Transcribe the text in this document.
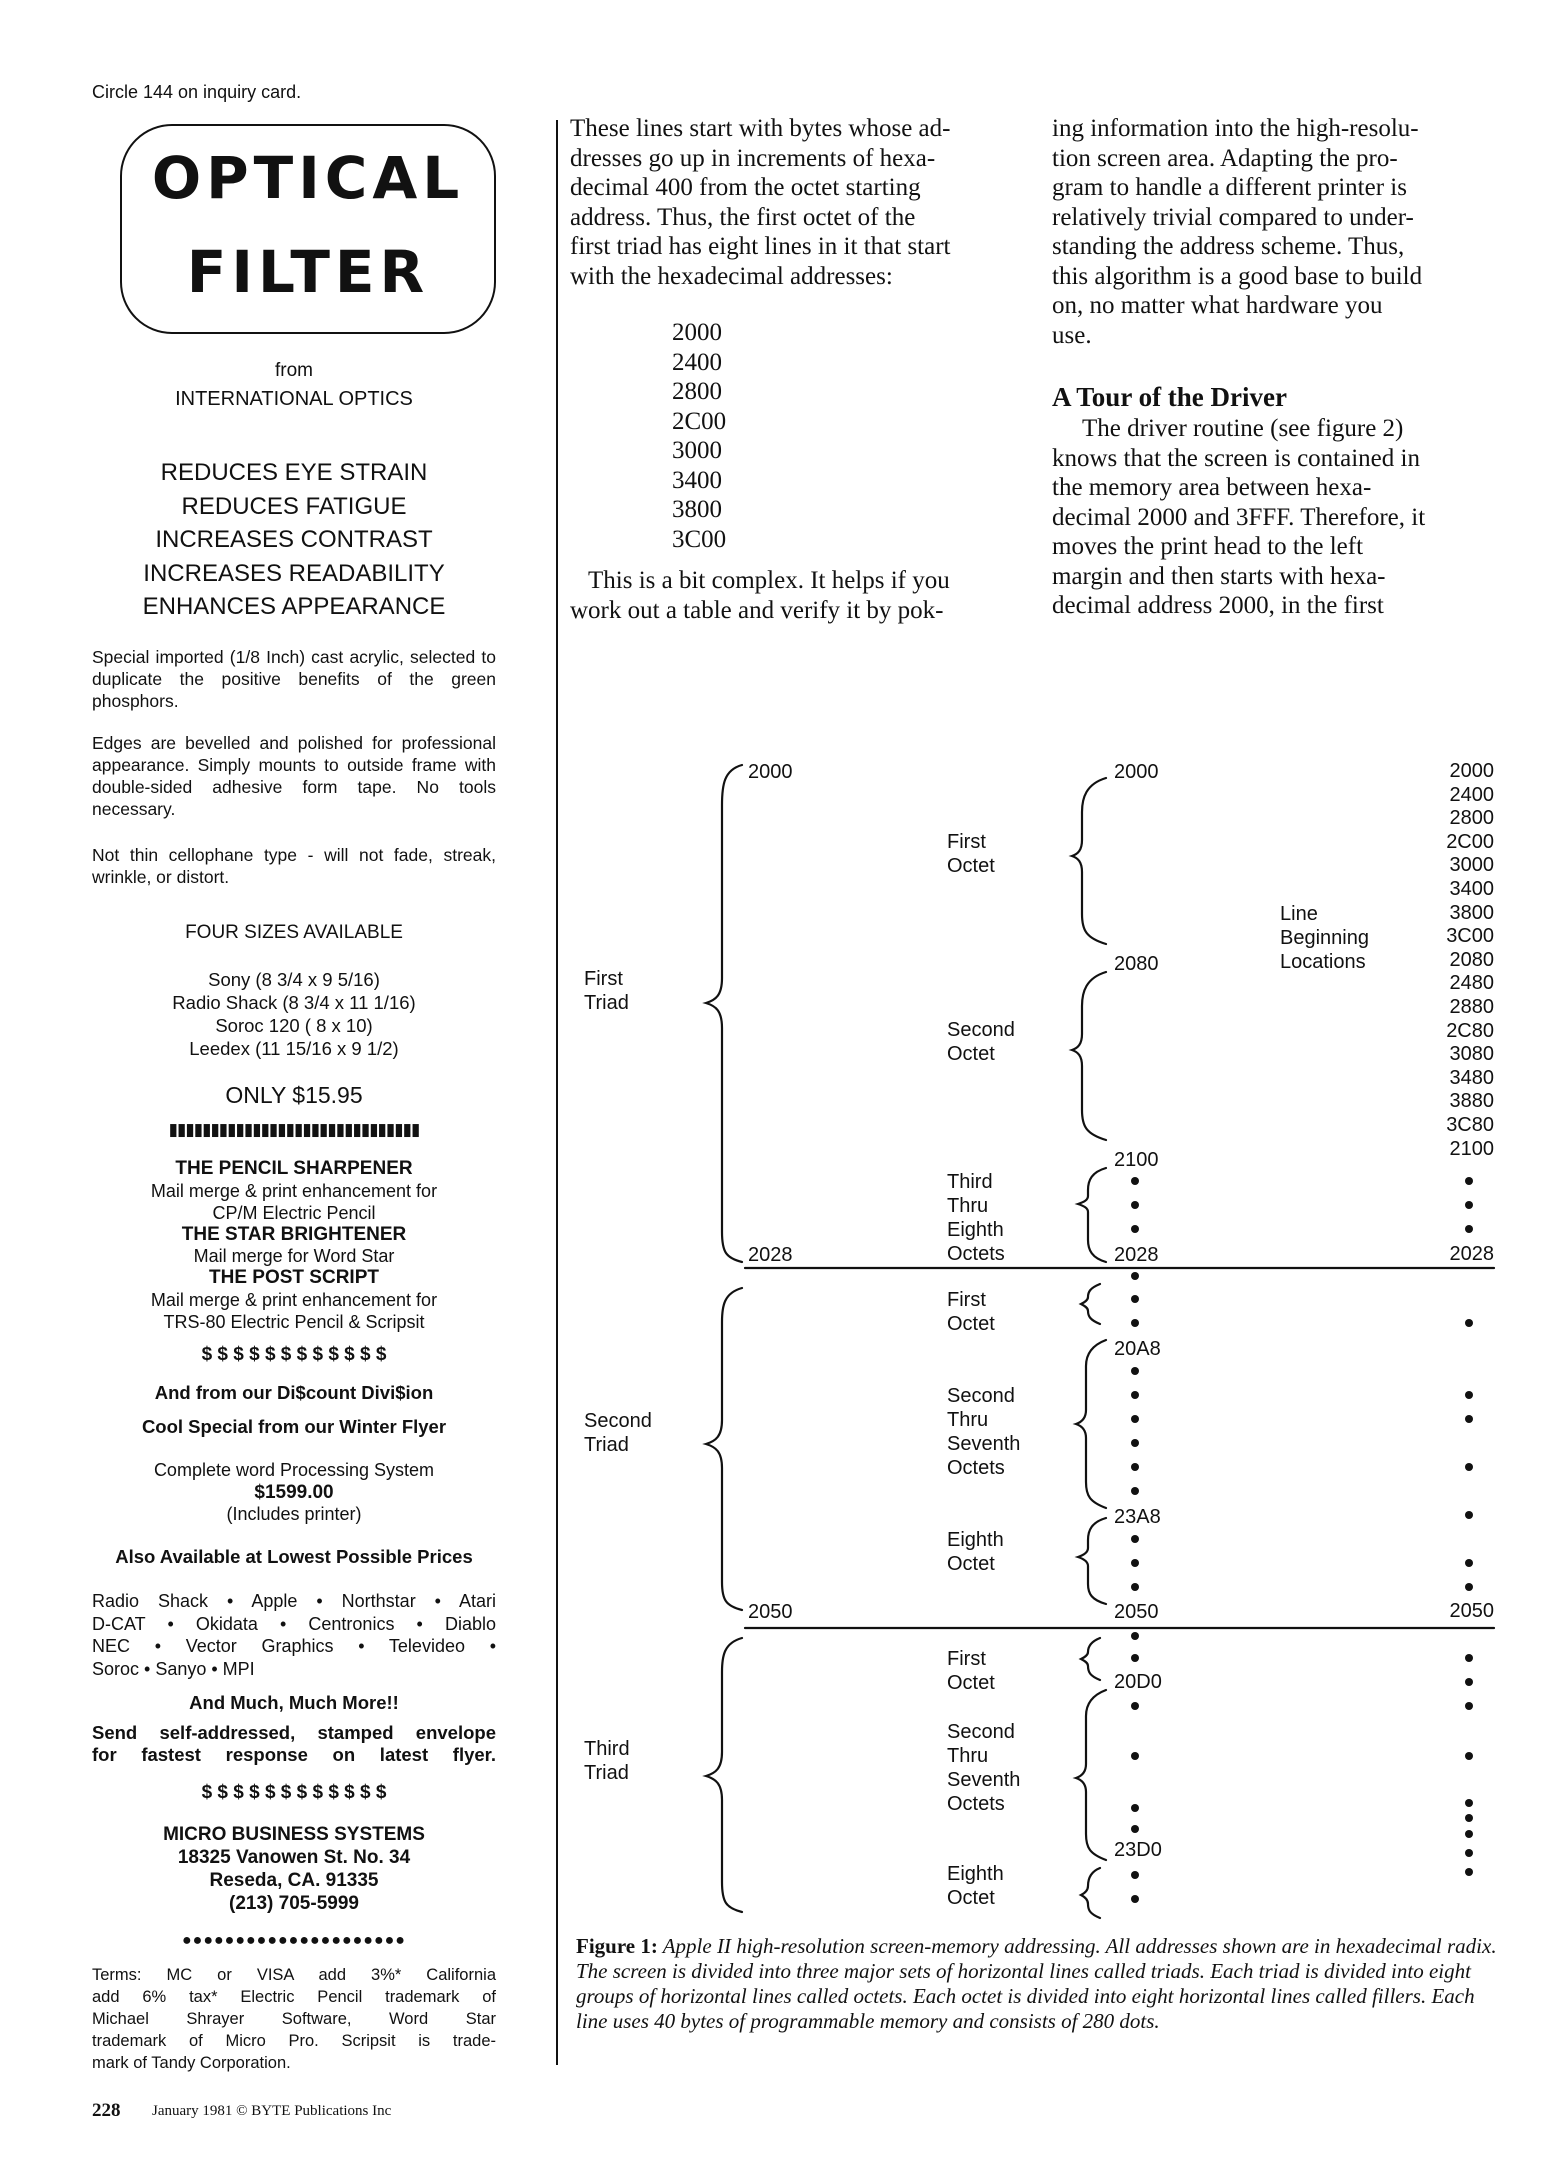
Circle 144 on inquiry card.
OPTICAL
FILTER
from
INTERNATIONAL OPTICS
REDUCES EYE STRAIN
REDUCES FATIGUE
INCREASES CONTRAST
INCREASES READABILITY
ENHANCES APPEARANCE
Special imported (1/8 Inch) cast acrylic, selected to duplicate the positive benefits of the green phosphors.
Edges are bevelled and polished for professional appearance. Simply mounts to outside frame with double-sided adhesive form tape. No tools necessary.
Not thin cellophane type - will not fade, streak, wrinkle, or distort.
FOUR SIZES AVAILABLE
Sony (8 3/4 x 9 5/16)
Radio Shack (8 3/4 x 11 1/16)
Soroc 120 ( 8 x 10)
Leedex (11 15/16 x 9 1/2)
ONLY $15.95
▮▮▮▮▮▮▮▮▮▮▮▮▮▮▮▮▮▮▮▮▮▮▮▮▮▮▮▮▮▮
THE PENCIL SHARPENER
Mail merge & print enhancement for
CP/M Electric Pencil
THE STAR BRIGHTENER
Mail merge for Word Star
THE POST SCRIPT
Mail merge & print enhancement for
TRS-80 Electric Pencil & Scripsit
$ $ $ $ $ $ $ $ $ $ $ $
And from our Di$count Divi$ion
Cool Special from our Winter Flyer
Complete word Processing System
$1599.00
(Includes printer)
Also Available at Lowest Possible Prices
Radio Shack • Apple • Northstar • Atari
D-CAT • Okidata • Centronics • Diablo
NEC • Vector Graphics • Televideo •
Soroc • Sanyo • MPI
And Much, Much More!!
Send self-addressed, stamped envelope
for fastest response on latest flyer.
$ $ $ $ $ $ $ $ $ $ $ $
MICRO BUSINESS SYSTEMS
18325 Vanowen St. No. 34
Reseda, CA. 91335
(213) 705-5999
●●●●●●●●●●●●●●●●●●●●●
Terms: MC or VISA add 3%* California
add 6% tax* Electric Pencil trademark of
Michael Shrayer Software, Word Star
trademark of Micro Pro. Scripsit is trade-
mark of Tandy Corporation.
228 January 1981 © BYTE Publications Inc
These lines start with bytes whose ad-
dresses go up in increments of hexa-
decimal 400 from the octet starting
address. Thus, the first octet of the
first triad has eight lines in it that start
with the hexadecimal addresses:
2000
2400
2800
2C00
3000
3400
3800
3C00
This is a bit complex. It helps if you
work out a table and verify it by pok-
ing information into the high-resolu-
tion screen area. Adapting the pro-
gram to handle a different printer is
relatively trivial compared to under-
standing the address scheme. Thus,
this algorithm is a good base to build
on, no matter what hardware you
use.
A Tour of the Driver
The driver routine (see figure 2)
knows that the screen is contained in
the memory area between hexa-
decimal 2000 and 3FFF. Therefore, it
moves the print head to the left
margin and then starts with hexa-
decimal address 2000, in the first
First
Triad
Second
Triad
Third
Triad
2000
2028
2050
First
Octet
Second
Octet
Third
Thru
Eighth
Octets
First
Octet
Second
Thru
Seventh
Octets
Eighth
Octet
First
Octet
Second
Thru
Seventh
Octets
Eighth
Octet
2000
2080
2100
2028
20A8
23A8
2050
20D0
23D0
Line
Beginning
Locations
2000
2400
2800
2C00
3000
3400
3800
3C00
2080
2480
2880
2C80
3080
3480
3880
3C80
2100
2028
2050
Figure 1: Apple II high-resolution screen-memory addressing. All addresses shown are in hexadecimal radix. The screen is divided into three major sets of horizontal lines called triads. Each triad is divided into eight groups of horizontal lines called octets. Each octet is divided into eight horizontal lines called fillers. Each line uses 40 bytes of programmable memory and consists of 280 dots.
